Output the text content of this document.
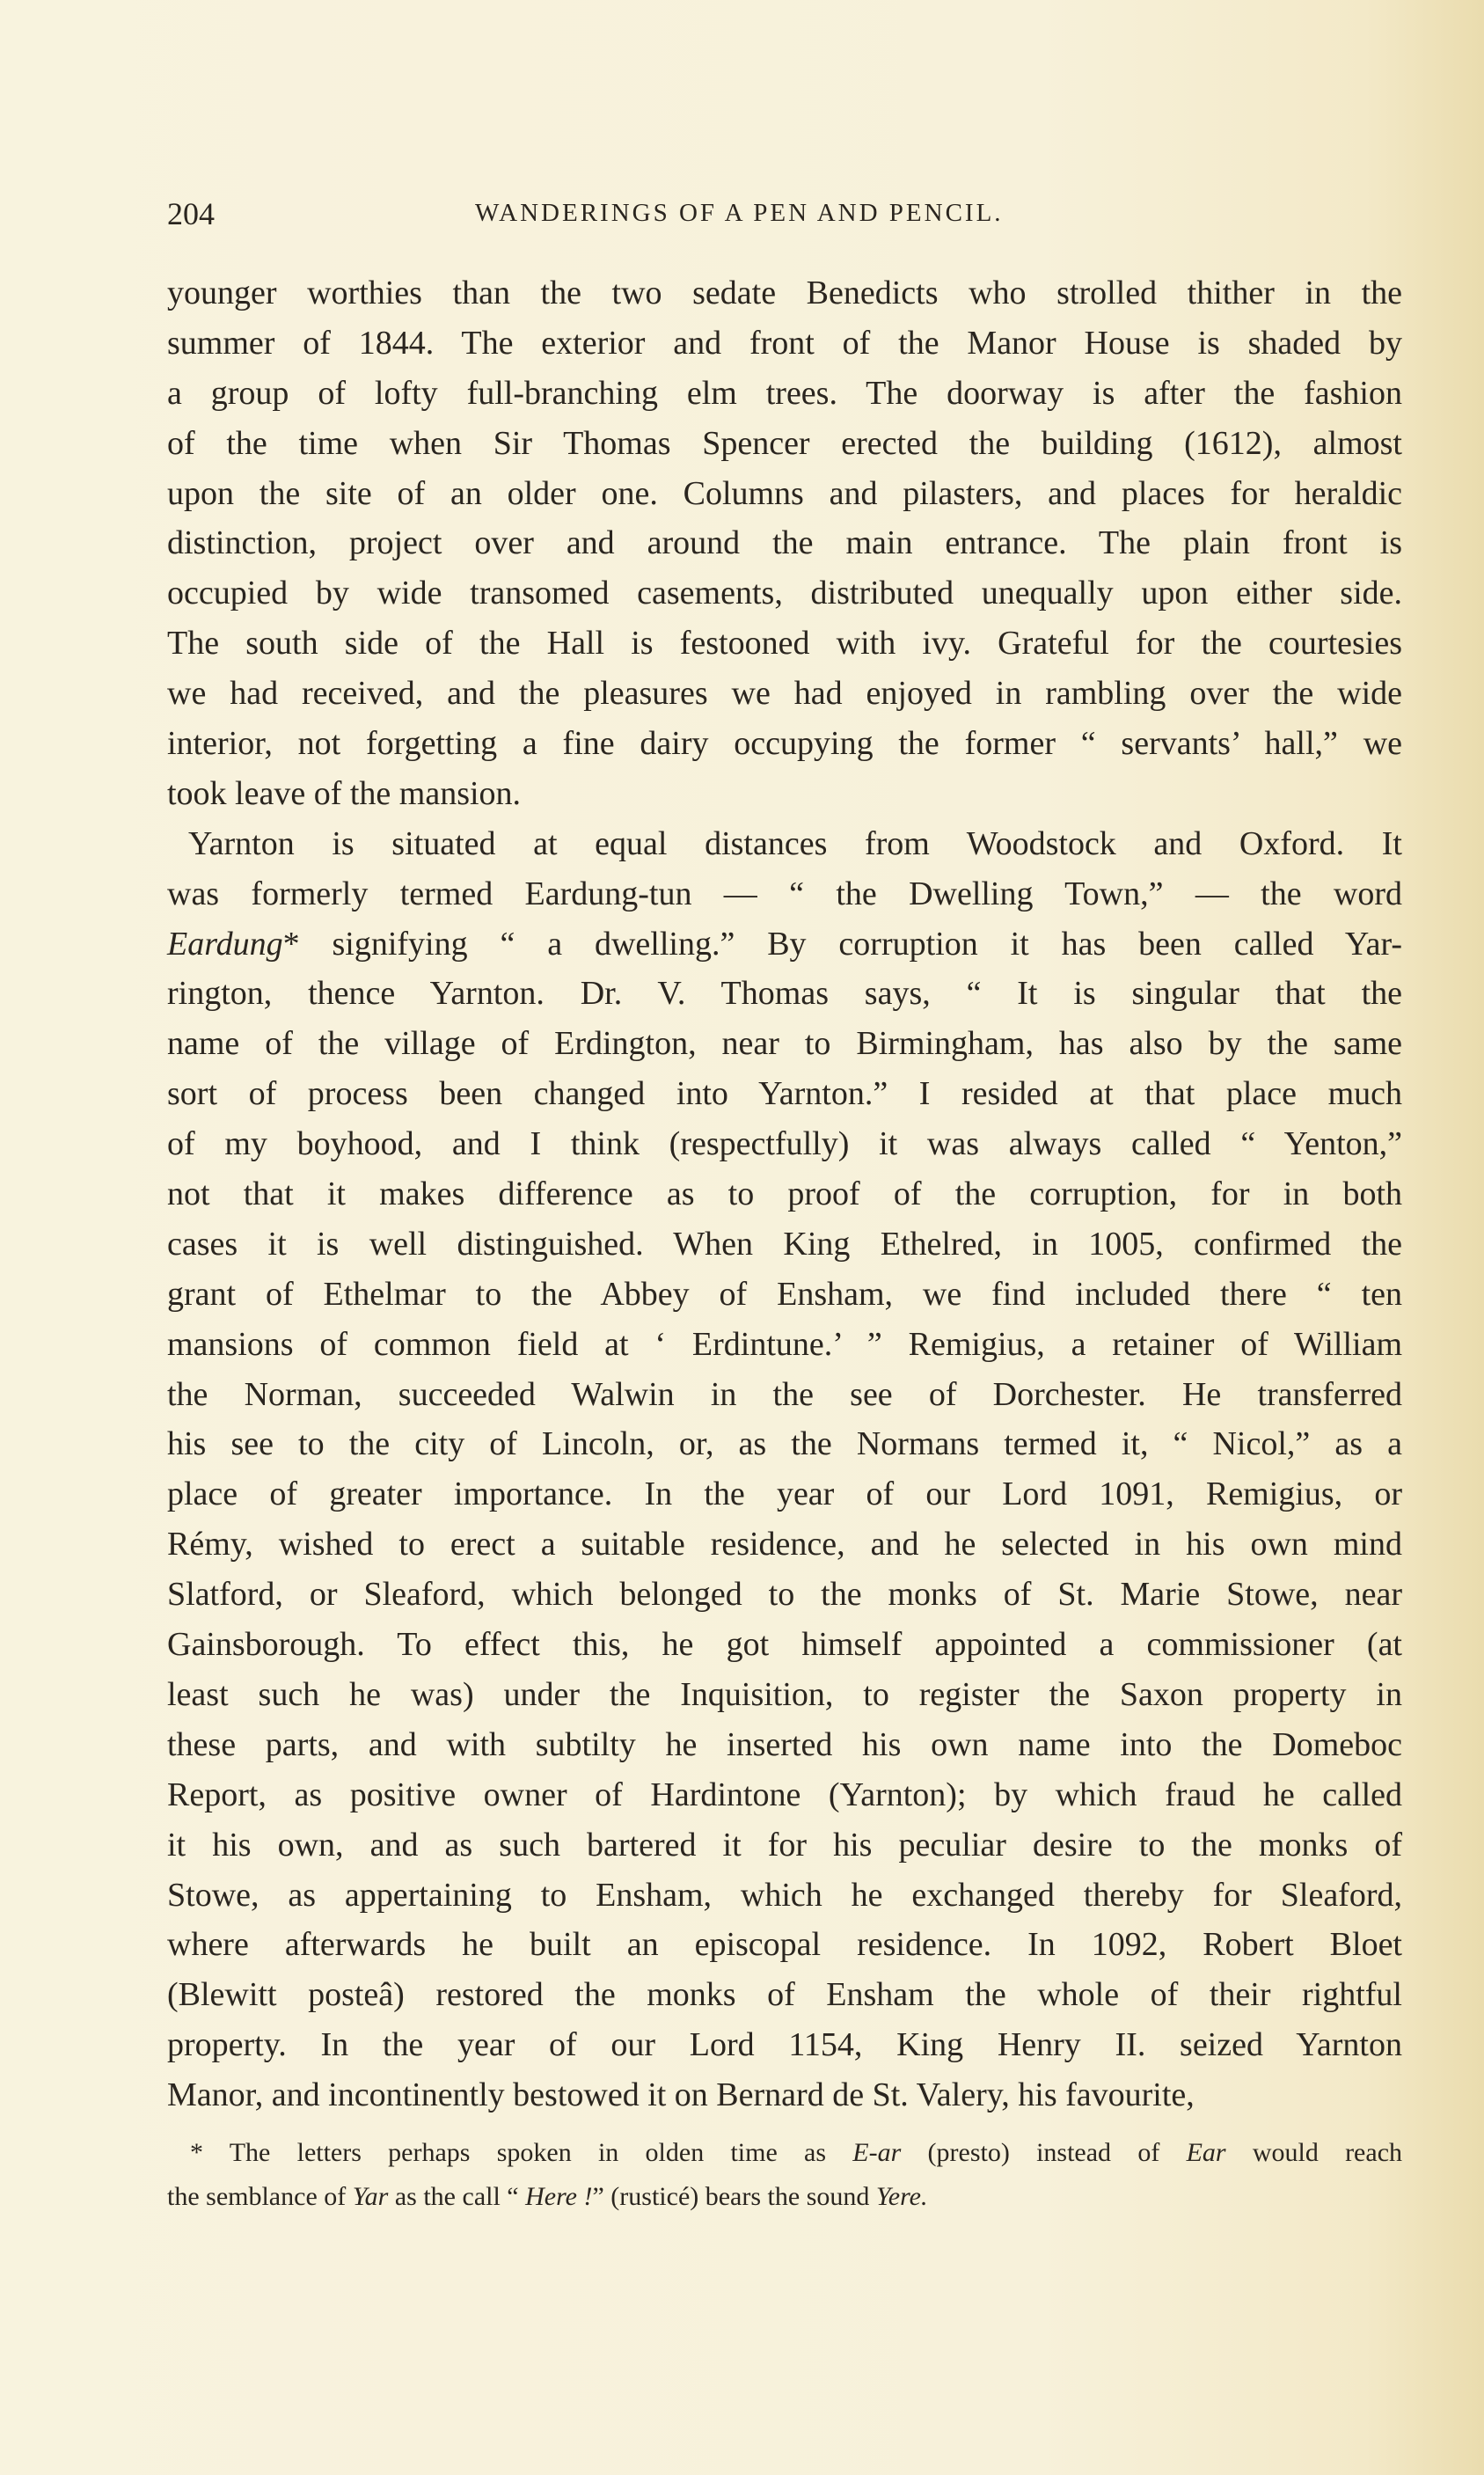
204	WANDERINGS OF A PEN AND PENCIL.
younger worthies than the two sedate Benedicts who strolled thither in the
summer of 1844. The exterior and front of the Manor House is shaded by
a group of lofty full-branching elm trees. The doorway is after the fashion
of the time when Sir Thomas Spencer erected the building (1612), almost
upon the site of an older one. Columns and pilasters, and places for heraldic
distinction, project over and around the main entrance. The plain front is
occupied by wide transomed casements, distributed unequally upon either side.
The south side of the Hall is festooned with ivy. Grateful for the courtesies
we had received, and the pleasures we had enjoyed in rambling over the wide
interior, not forgetting a fine dairy occupying the former “ servants’ hall,” we
took leave of the mansion.
Yarnton is situated at equal distances from Woodstock and Oxford. It
was formerly termed Eardung-tun — “ the Dwelling Town,” — the word
Eardung* signifying “ a dwelling.” By corruption it has been called Yar-
rington, thence Yarnton. Dr. V. Thomas says, “ It is singular that the
name of the village of Erdington, near to Birmingham, has also by the same
sort of process been changed into Yarnton.” I resided at that place much
of my boyhood, and I think (respectfully) it was always called “ Yenton,”
not that it makes difference as to proof of the corruption, for in both
cases it is well distinguished. When King Ethelred, in 1005, confirmed the
grant of Ethelmar to the Abbey of Ensham, we find included there “ ten
mansions of common field at ‘ Erdintune.’ ” Remigius, a retainer of William
the Norman, succeeded Walwin in the see of Dorchester. He transferred
his see to the city of Lincoln, or, as the Normans termed it, “ Nicol,” as a
place of greater importance. In the year of our Lord 1091, Remigius, or
Rémy, wished to erect a suitable residence, and he selected in his own mind
Slatford, or Sleaford, which belonged to the monks of St. Marie Stowe, near
Gainsborough. To effect this, he got himself appointed a commissioner (at
least such he was) under the Inquisition, to register the Saxon property in
these parts, and with subtilty he inserted his own name into the Domeboc
Report, as positive owner of Hardintone (Yarnton); by which fraud he called
it his own, and as such bartered it for his peculiar desire to the monks of
Stowe, as appertaining to Ensham, which he exchanged thereby for Sleaford,
where afterwards he built an episcopal residence. In 1092, Robert Bloet
(Blewitt posteâ) restored the monks of Ensham the whole of their rightful
property. In the year of our Lord 1154, King Henry II. seized Yarnton
Manor, and incontinently bestowed it on Bernard de St. Valery, his favourite,
* The letters perhaps spoken in olden time as E-ar (presto) instead of Ear would reach
the semblance of Yar as the call “ Here !” (rusticé) bears the sound Yere.
